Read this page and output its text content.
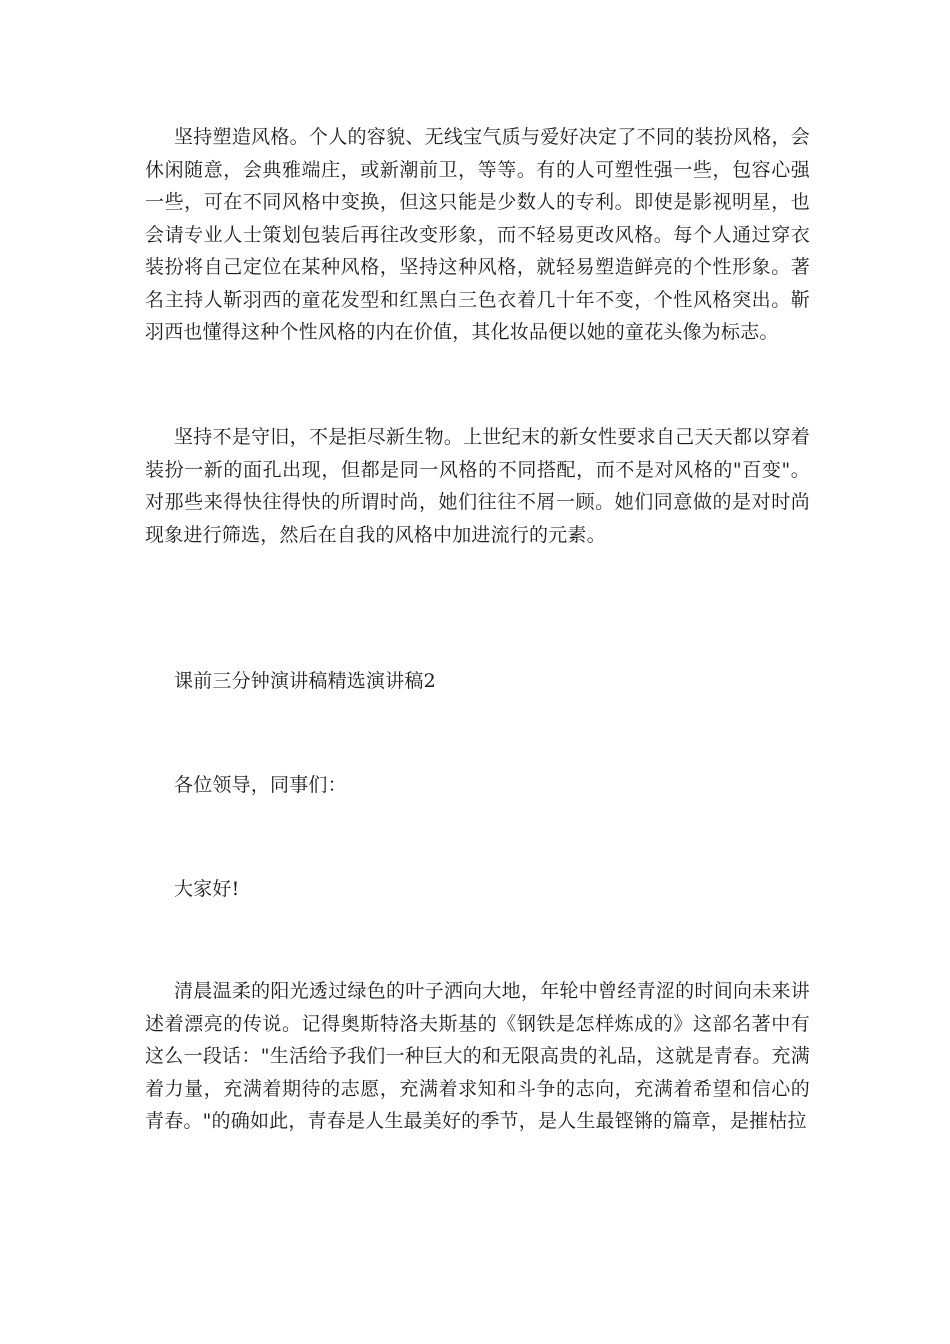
坚持塑造风格。个人的容貌、无线宝气质与爱好决定了不同的装扮风格，会休闲随意，会典雅端庄，或新潮前卫，等等。有的人可塑性强一些，包容心强一些，可在不同风格中变换，但这只能是少数人的专利。即使是影视明星，也会请专业人士策划包装后再往改变形象，而不轻易更改风格。每个人通过穿衣装扮将自己定位在某种风格，坚持这种风格，就轻易塑造鲜亮的个性形象。著名主持人靳羽西的童花发型和红黑白三色衣着几十年不变，个性风格突出。靳羽西也懂得这种个性风格的内在价值，其化妆品便以她的童花头像为标志。

坚持不是守旧，不是拒尽新生物。上世纪末的新女性要求自己天天都以穿着装扮一新的面孔出现，但都是同一风格的不同搭配，而不是对风格的"百变"。对那些来得快往得快的所谓时尚，她们往往不屑一顾。她们同意做的是对时尚现象进行筛选，然后在自我的风格中加进流行的元素。

课前三分钟演讲稿精选演讲稿2

各位领导，同事们：

大家好!

清晨温柔的阳光透过绿色的叶子洒向大地，年轮中曾经青涩的时间向未来讲述着漂亮的传说。记得奥斯特洛夫斯基的《钢铁是怎样炼成的》这部名著中有这么一段话："生活给予我们一种巨大的和无限高贵的礼品，这就是青春。充满着力量，充满着期待的志愿，充满着求知和斗争的志向，充满着希望和信心的青春。"的确如此，青春是人生最美好的季节，是人生最铿锵的篇章，是摧枯拉
